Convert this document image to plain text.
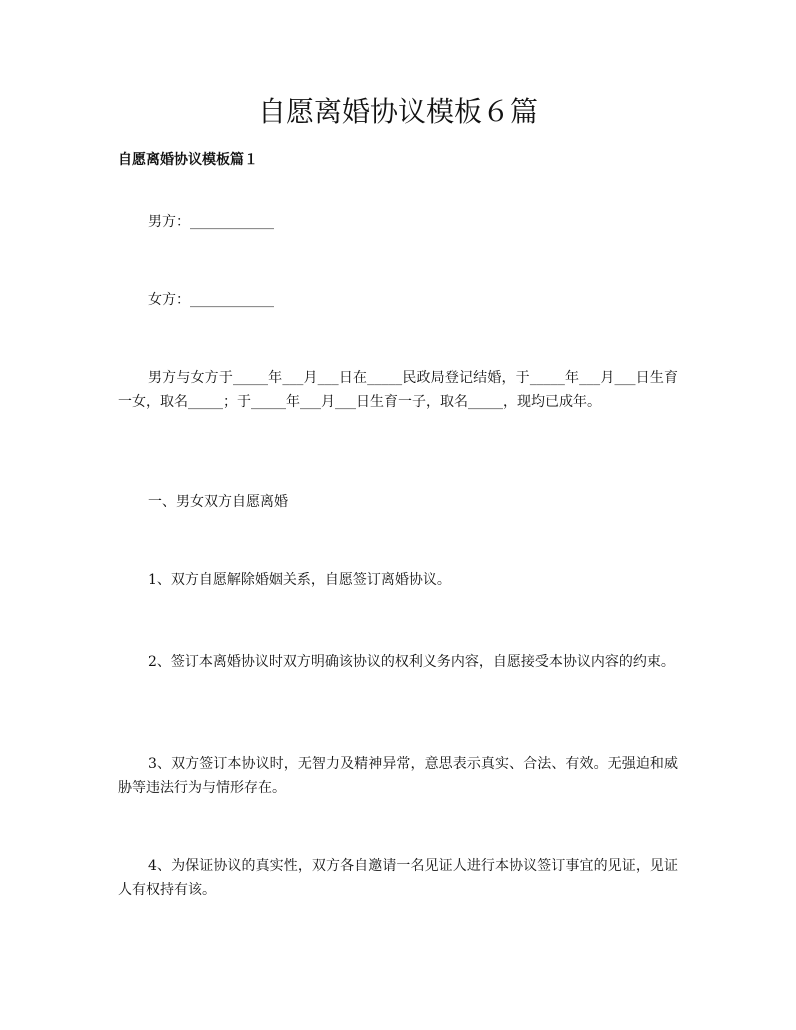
自愿离婚协议模板６篇

自愿离婚协议模板篇１

男方：____________

女方：____________

男方与女方于_____年___月___日在_____民政局登记结婚，于_____年___月___日生育一女，取名_____；于_____年___月___日生育一子，取名_____，现均已成年。

一、男女双方自愿离婚

1、双方自愿解除婚姻关系，自愿签订离婚协议。

2、签订本离婚协议时双方明确该协议的权利义务内容，自愿接受本协议内容的约束。

3、双方签订本协议时，无智力及精神异常，意思表示真实、合法、有效。无强迫和威胁等违法行为与情形存在。

4、为保证协议的真实性，双方各自邀请一名见证人进行本协议签订事宜的见证，见证人有权持有该。
